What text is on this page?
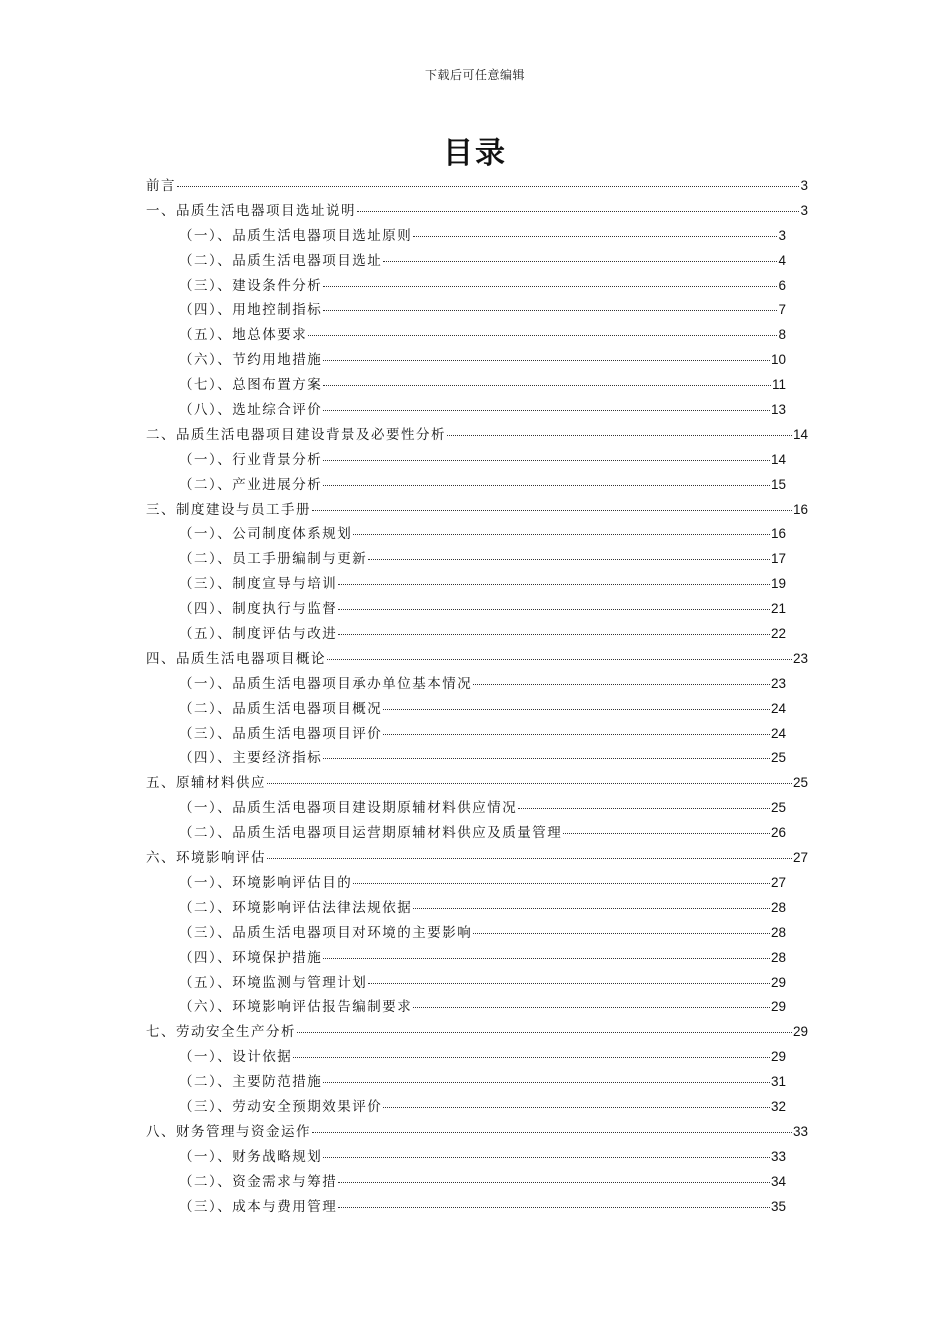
下载后可任意编辑
目录
前言	3
一、品质生活电器项目选址说明	3
（一）、品质生活电器项目选址原则	3
（二）、品质生活电器项目选址	4
（三）、建设条件分析	6
（四）、用地控制指标	7
（五）、地总体要求	8
（六）、节约用地措施	10
（七）、总图布置方案	11
（八）、选址综合评价	13
二、品质生活电器项目建设背景及必要性分析	14
（一）、行业背景分析	14
（二）、产业进展分析	15
三、制度建设与员工手册	16
（一）、公司制度体系规划	16
（二）、员工手册编制与更新	17
（三）、制度宣导与培训	19
（四）、制度执行与监督	21
（五）、制度评估与改进	22
四、品质生活电器项目概论	23
（一）、品质生活电器项目承办单位基本情况	23
（二）、品质生活电器项目概况	24
（三）、品质生活电器项目评价	24
（四）、主要经济指标	25
五、原辅材料供应	25
（一）、品质生活电器项目建设期原辅材料供应情况	25
（二）、品质生活电器项目运营期原辅材料供应及质量管理	26
六、环境影响评估	27
（一）、环境影响评估目的	27
（二）、环境影响评估法律法规依据	28
（三）、品质生活电器项目对环境的主要影响	28
（四）、环境保护措施	28
（五）、环境监测与管理计划	29
（六）、环境影响评估报告编制要求	29
七、劳动安全生产分析	29
（一）、设计依据	29
（二）、主要防范措施	31
（三）、劳动安全预期效果评价	32
八、财务管理与资金运作	33
（一）、财务战略规划	33
（二）、资金需求与筹措	34
（三）、成本与费用管理	35
